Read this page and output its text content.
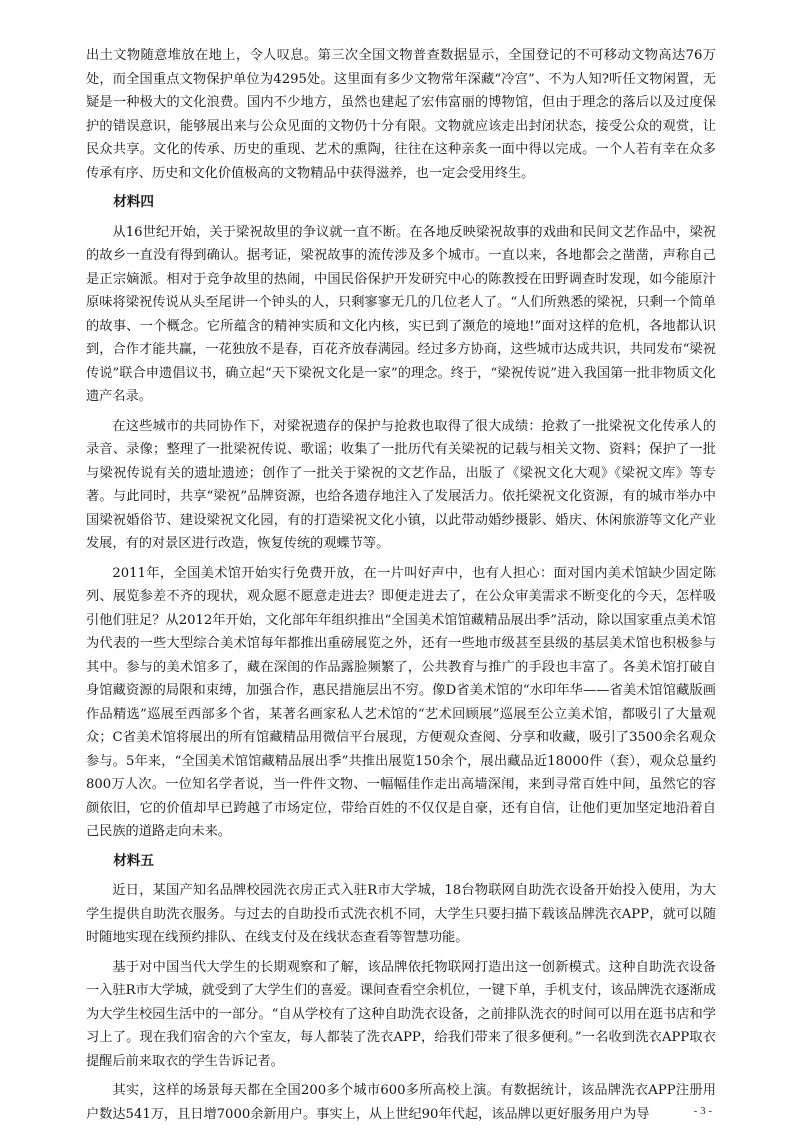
出土文物随意堆放在地上，令人叹息。第三次全国文物普查数据显示，全国登记的不可移动文物高达76万处，而全国重点文物保护单位为4295处。这里面有多少文物常年深藏“冷宫”、不为人知?听任文物闲置，无疑是一种极大的文化浪费。国内不少地方，虽然也建起了宏伟富丽的博物馆，但由于理念的落后以及过度保护的错误意识，能够展出来与公众见面的文物仍十分有限。文物就应该走出封闭状态，接受公众的观赏，让民众共享。文化的传承、历史的重现、艺术的熏陶，往往在这种亲炙一面中得以完成。一个人若有幸在众多传承有序、历史和文化价值极高的文物精品中获得滋养，也一定会受用终生。

材料四

从16世纪开始，关于梁祝故里的争议就一直不断。在各地反映梁祝故事的戏曲和民间文艺作品中，梁祝的故乡一直没有得到确认。据考证，梁祝故事的流传涉及多个城市。一直以来，各地都会之凿凿，声称自己是正宗嫡派。相对于竞争故里的热闹，中国民俗保护开发研究中心的陈教授在田野调查时发现，如今能原汁原味将梁祝传说从头至尾讲一个钟头的人，只剩寥寥无几的几位老人了。“人们所熟悉的梁祝，只剩一个简单的故事、一个概念。它所蕴含的精神实质和文化内核，实已到了濒危的境地!”面对这样的危机，各地都认识到，合作才能共赢，一花独放不是春，百花齐放春满园。经过多方协商，这些城市达成共识，共同发布“梁祝传说”联合申遗倡议书，确立起“天下梁祝文化是一家”的理念。终于，“梁祝传说”进入我国第一批非物质文化遗产名录。

在这些城市的共同协作下，对梁祝遗存的保护与抢救也取得了很大成绩：抢救了一批梁祝文化传承人的录音、录像；整理了一批梁祝传说、歌谣；收集了一批历代有关梁祝的记载与相关文物、资料；保护了一批与梁祝传说有关的遗址遗迹；创作了一批关于梁祝的文艺作品，出版了《梁祝文化大观》《梁祝文库》等专著。与此同时，共享“梁祝”品牌资源，也给各遗存地注入了发展活力。依托梁祝文化资源，有的城市举办中国梁祝婚俗节、建设梁祝文化园，有的打造梁祝文化小镇，以此带动婚纱摄影、婚庆、休闲旅游等文化产业发展，有的对景区进行改造，恢复传统的观蝶节等。

2011年，全国美术馆开始实行免费开放，在一片叫好声中，也有人担心：面对国内美术馆缺少固定陈列、展览参差不齐的现状，观众愿不愿意走进去？即便走进去了，在公众审美需求不断变化的今天，怎样吸引他们驻足？从2012年开始，文化部年年组织推出“全国美术馆馆藏精品展出季”活动，除以国家重点美术馆为代表的一些大型综合美术馆每年都推出重磅展览之外，还有一些地市级甚至县级的基层美术馆也积极参与其中。参与的美术馆多了，藏在深闺的作品露脸频繁了，公共教育与推广的手段也丰富了。各美术馆打破自身馆藏资源的局限和束缚，加强合作，惠民措施层出不穷。像D省美术馆的“水印年华——省美术馆馆藏版画作品精选”巡展至西部多个省，某著名画家私人艺术馆的“艺术回顾展”巡展至公立美术馆，都吸引了大量观众；C省美术馆将展出的所有馆藏精品用微信平台展现，方便观众查阅、分享和收藏，吸引了3500余名观众参与。5年来，“全国美术馆馆藏精品展出季”共推出展览150余个，展出藏品近18000件（套），观众总量约800万人次。一位知名学者说，当一件件文物、一幅幅佳作走出高墙深闱，来到寻常百姓中间，虽然它的容颜依旧，它的价值却早已跨越了市场定位，带给百姓的不仅仅是自豪，还有自信，让他们更加坚定地沿着自己民族的道路走向未来。

材料五

近日，某国产知名品牌校园洗衣房正式入驻R市大学城，18台物联网自助洗衣设备开始投入使用，为大学生提供自助洗衣服务。与过去的自助投币式洗衣机不同，大学生只要扫描下载该品牌洗衣APP，就可以随时随地实现在线预约排队、在线支付及在线状态查看等智慧功能。

基于对中国当代大学生的长期观察和了解，该品牌依托物联网打造出这一创新模式。这种自助洗衣设备一入驻R市大学城，就受到了大学生们的喜爱。课间查看空余机位，一键下单，手机支付，该品牌洗衣逐渐成为大学生校园生活中的一部分。“自从学校有了这种自助洗衣设备，之前排队洗衣的时间可以用在逛书店和学习上了。现在我们宿舍的六个室友，每人都装了洗衣APP，给我们带来了很多便利。”一名收到洗衣APP取衣提醒后前来取衣的学生告诉记者。

其实，这样的场景每天都在全国200多个城市600多所高校上演。有数据统计，该品牌洗衣APP注册用户数达541万，且日增7000余新用户。事实上，从上世纪90年代起，该品牌以更好服务用户为导	- 3 -
